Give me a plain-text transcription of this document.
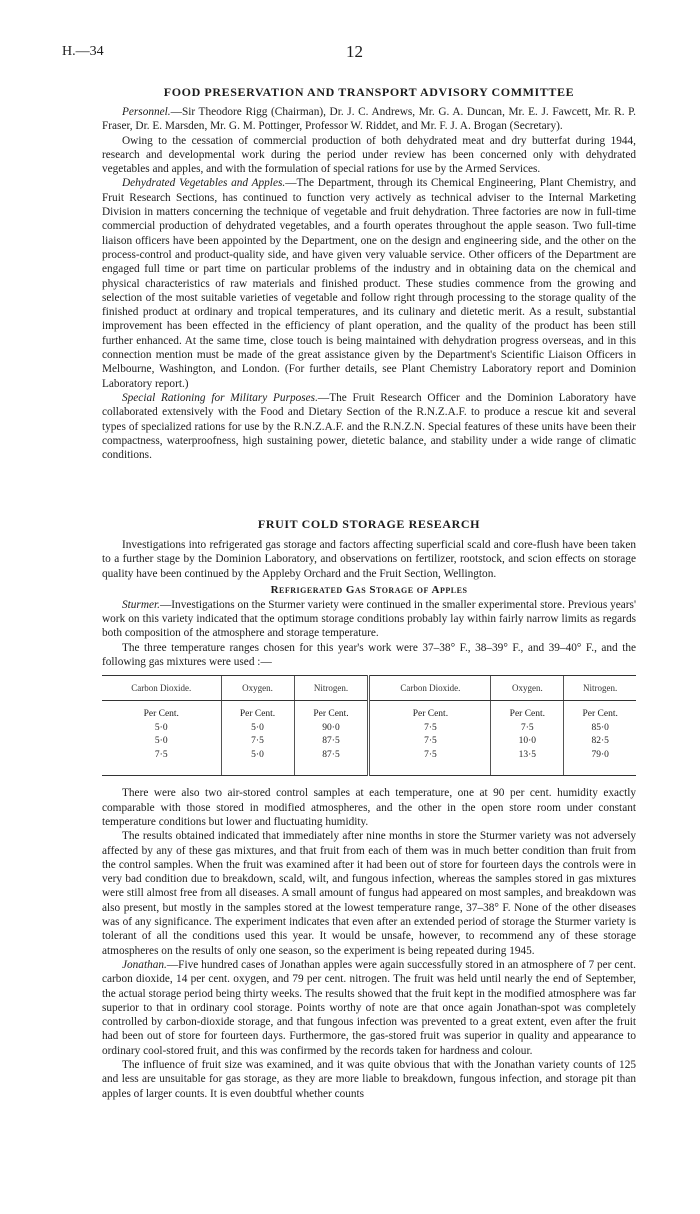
H.—34	12
FOOD PRESERVATION AND TRANSPORT ADVISORY COMMITTEE

Personnel.—Sir Theodore Rigg (Chairman), Dr. J. C. Andrews, Mr. G. A. Duncan, Mr. E. J. Fawcett, Mr. R. P. Fraser, Dr. E. Marsden, Mr. G. M. Pottinger, Professor W. Riddet, and Mr. F. J. A. Brogan (Secretary).

Owing to the cessation of commercial production of both dehydrated meat and dry butterfat during 1944, research and developmental work during the period under review has been concerned only with dehydrated vegetables and apples, and with the formulation of special rations for use by the Armed Services.

Dehydrated Vegetables and Apples.—The Department, through its Chemical Engineering, Plant Chemistry, and Fruit Research Sections, has continued to function very actively as technical adviser to the Internal Marketing Division in matters concerning the technique of vegetable and fruit dehydration. Three factories are now in full-time commercial production of dehydrated vegetables, and a fourth operates throughout the apple season. Two full-time liaison officers have been appointed by the Department, one on the design and engineering side, and the other on the process-control and product-quality side, and have given very valuable service. Other officers of the Department are engaged full time or part time on particular problems of the industry and in obtaining data on the chemical and physical characteristics of raw materials and finished product. These studies commence from the growing and selection of the most suitable varieties of vegetable and follow right through processing to the storage quality of the finished product at ordinary and tropical temperatures, and its culinary and dietetic merit. As a result, substantial improvement has been effected in the efficiency of plant operation, and the quality of the product has been still further enhanced. At the same time, close touch is being maintained with dehydration progress overseas, and in this connection mention must be made of the great assistance given by the Department's Scientific Liaison Officers in Melbourne, Washington, and London. (For further details, see Plant Chemistry Laboratory report and Dominion Laboratory report.)

Special Rationing for Military Purposes.—The Fruit Research Officer and the Dominion Laboratory have collaborated extensively with the Food and Dietary Section of the R.N.Z.A.F. to produce a rescue kit and several types of specialized rations for use by the R.N.Z.A.F. and the R.N.Z.N. Special features of these units have been their compactness, waterproofness, high sustaining power, dietetic balance, and stability under a wide range of climatic conditions.

FRUIT COLD STORAGE RESEARCH

Investigations into refrigerated gas storage and factors affecting superficial scald and core-flush have been taken to a further stage by the Dominion Laboratory, and observations on fertilizer, rootstock, and scion effects on storage quality have been continued by the Appleby Orchard and the Fruit Section, Wellington.

Refrigerated Gas Storage of Apples

Sturmer.—Investigations on the Sturmer variety were continued in the smaller experimental store. Previous years' work on this variety indicated that the optimum storage conditions probably lay within fairly narrow limits as regards both composition of the atmosphere and storage temperature.

The three temperature ranges chosen for this year's work were 37–38° F., 38–39° F., and 39–40° F., and the following gas mixtures were used :—

Carbon Dioxide.	Oxygen.	Nitrogen.	Carbon Dioxide.	Oxygen.	Nitrogen.
Per Cent.	Per Cent.	Per Cent.	Per Cent.	Per Cent.	Per Cent.
5·0	5·0	90·0	7·5	7·5	85·0
5·0	7·5	87·5	7·5	10·0	82·5
7·5	5·0	87·5	7·5	13·5	79·0

There were also two air-stored control samples at each temperature, one at 90 per cent. humidity exactly comparable with those stored in modified atmospheres, and the other in the open store room under constant temperature conditions but lower and fluctuating humidity.

The results obtained indicated that immediately after nine months in store the Sturmer variety was not adversely affected by any of these gas mixtures, and that fruit from each of them was in much better condition than fruit from the control samples. When the fruit was examined after it had been out of store for fourteen days the controls were in very bad condition due to breakdown, scald, wilt, and fungous infection, whereas the samples stored in gas mixtures were still almost free from all diseases. A small amount of fungus had appeared on most samples, and breakdown was also present, but mostly in the samples stored at the lowest temperature range, 37–38° F. None of the other diseases was of any significance. The experiment indicates that even after an extended period of storage the Sturmer variety is tolerant of all the conditions used this year. It would be unsafe, however, to recommend any of these storage atmospheres on the results of only one season, so the experiment is being repeated during 1945.

Jonathan.—Five hundred cases of Jonathan apples were again successfully stored in an atmosphere of 7 per cent. carbon dioxide, 14 per cent. oxygen, and 79 per cent. nitrogen. The fruit was held until nearly the end of September, the actual storage period being thirty weeks. The results showed that the fruit kept in the modified atmosphere was far superior to that in ordinary cool storage. Points worthy of note are that once again Jonathan-spot was completely controlled by carbon-dioxide storage, and that fungous infection was prevented to a great extent, even after the fruit had been out of store for fourteen days. Furthermore, the gas-stored fruit was superior in quality and appearance to ordinary cool-stored fruit, and this was confirmed by the records taken for hardness and colour.

The influence of fruit size was examined, and it was quite obvious that with the Jonathan variety counts of 125 and less are unsuitable for gas storage, as they are more liable to breakdown, fungous infection, and storage pit than apples of larger counts. It is even doubtful whether counts
